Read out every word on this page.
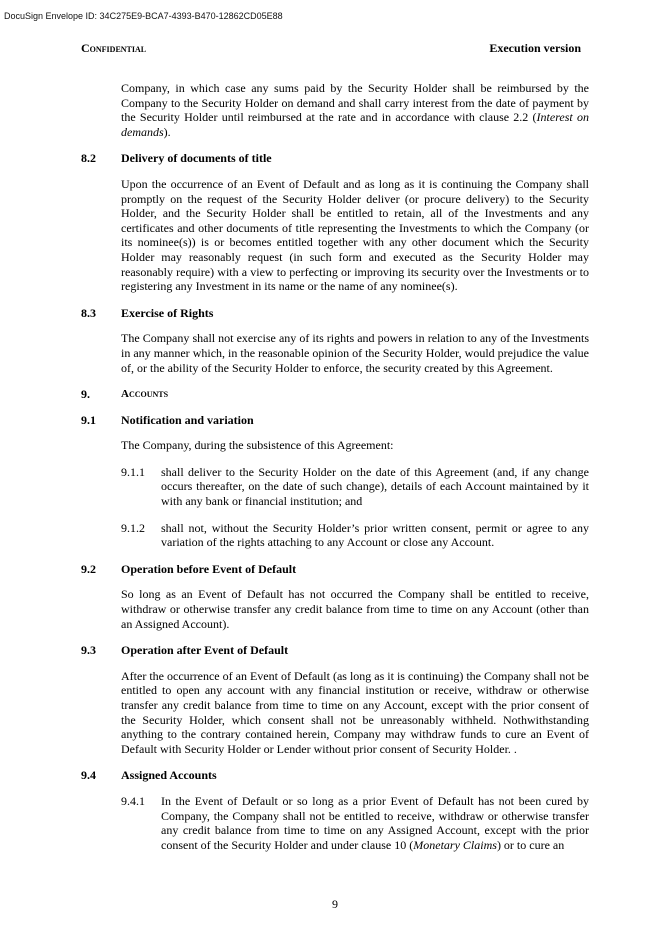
DocuSign Envelope ID: 34C275E9-BCA7-4393-B470-12862CD05E88
Confidential	Execution version

Company, in which case any sums paid by the Security Holder shall be reimbursed by the Company to the Security Holder on demand and shall carry interest from the date of payment by the Security Holder until reimbursed at the rate and in accordance with clause 2.2 (Interest on demands).

8.2	Delivery of documents of title

Upon the occurrence of an Event of Default and as long as it is continuing the Company shall promptly on the request of the Security Holder deliver (or procure delivery) to the Security Holder, and the Security Holder shall be entitled to retain, all of the Investments and any certificates and other documents of title representing the Investments to which the Company (or its nominee(s)) is or becomes entitled together with any other document which the Security Holder may reasonably request (in such form and executed as the Security Holder may reasonably require) with a view to perfecting or improving its security over the Investments or to registering any Investment in its name or the name of any nominee(s).

8.3	Exercise of Rights

The Company shall not exercise any of its rights and powers in relation to any of the Investments in any manner which, in the reasonable opinion of the Security Holder, would prejudice the value of, or the ability of the Security Holder to enforce, the security created by this Agreement.

9.	Accounts
9.1	Notification and variation

The Company, during the subsistence of this Agreement:

9.1.1	shall deliver to the Security Holder on the date of this Agreement (and, if any change occurs thereafter, on the date of such change), details of each Account maintained by it with any bank or financial institution; and
9.1.2	shall not, without the Security Holder’s prior written consent, permit or agree to any variation of the rights attaching to any Account or close any Account.
9.2	Operation before Event of Default

So long as an Event of Default has not occurred the Company shall be entitled to receive, withdraw or otherwise transfer any credit balance from time to time on any Account (other than an Assigned Account).

9.3	Operation after Event of Default

After the occurrence of an Event of Default (as long as it is continuing) the Company shall not be entitled to open any account with any financial institution or receive, withdraw or otherwise transfer any credit balance from time to time on any Account, except with the prior consent of the Security Holder, which consent shall not be unreasonably withheld. Nothwithstanding anything to the contrary contained herein, Company may withdraw funds to cure an Event of Default with Security Holder or Lender without prior consent of Security Holder. .

9.4	Assigned Accounts
9.4.1	In the Event of Default or so long as a prior Event of Default has not been cured by Company, the Company shall not be entitled to receive, withdraw or otherwise transfer any credit balance from time to time on any Assigned Account, except with the prior consent of the Security Holder and under clause 10 (Monetary Claims) or to cure an
9
